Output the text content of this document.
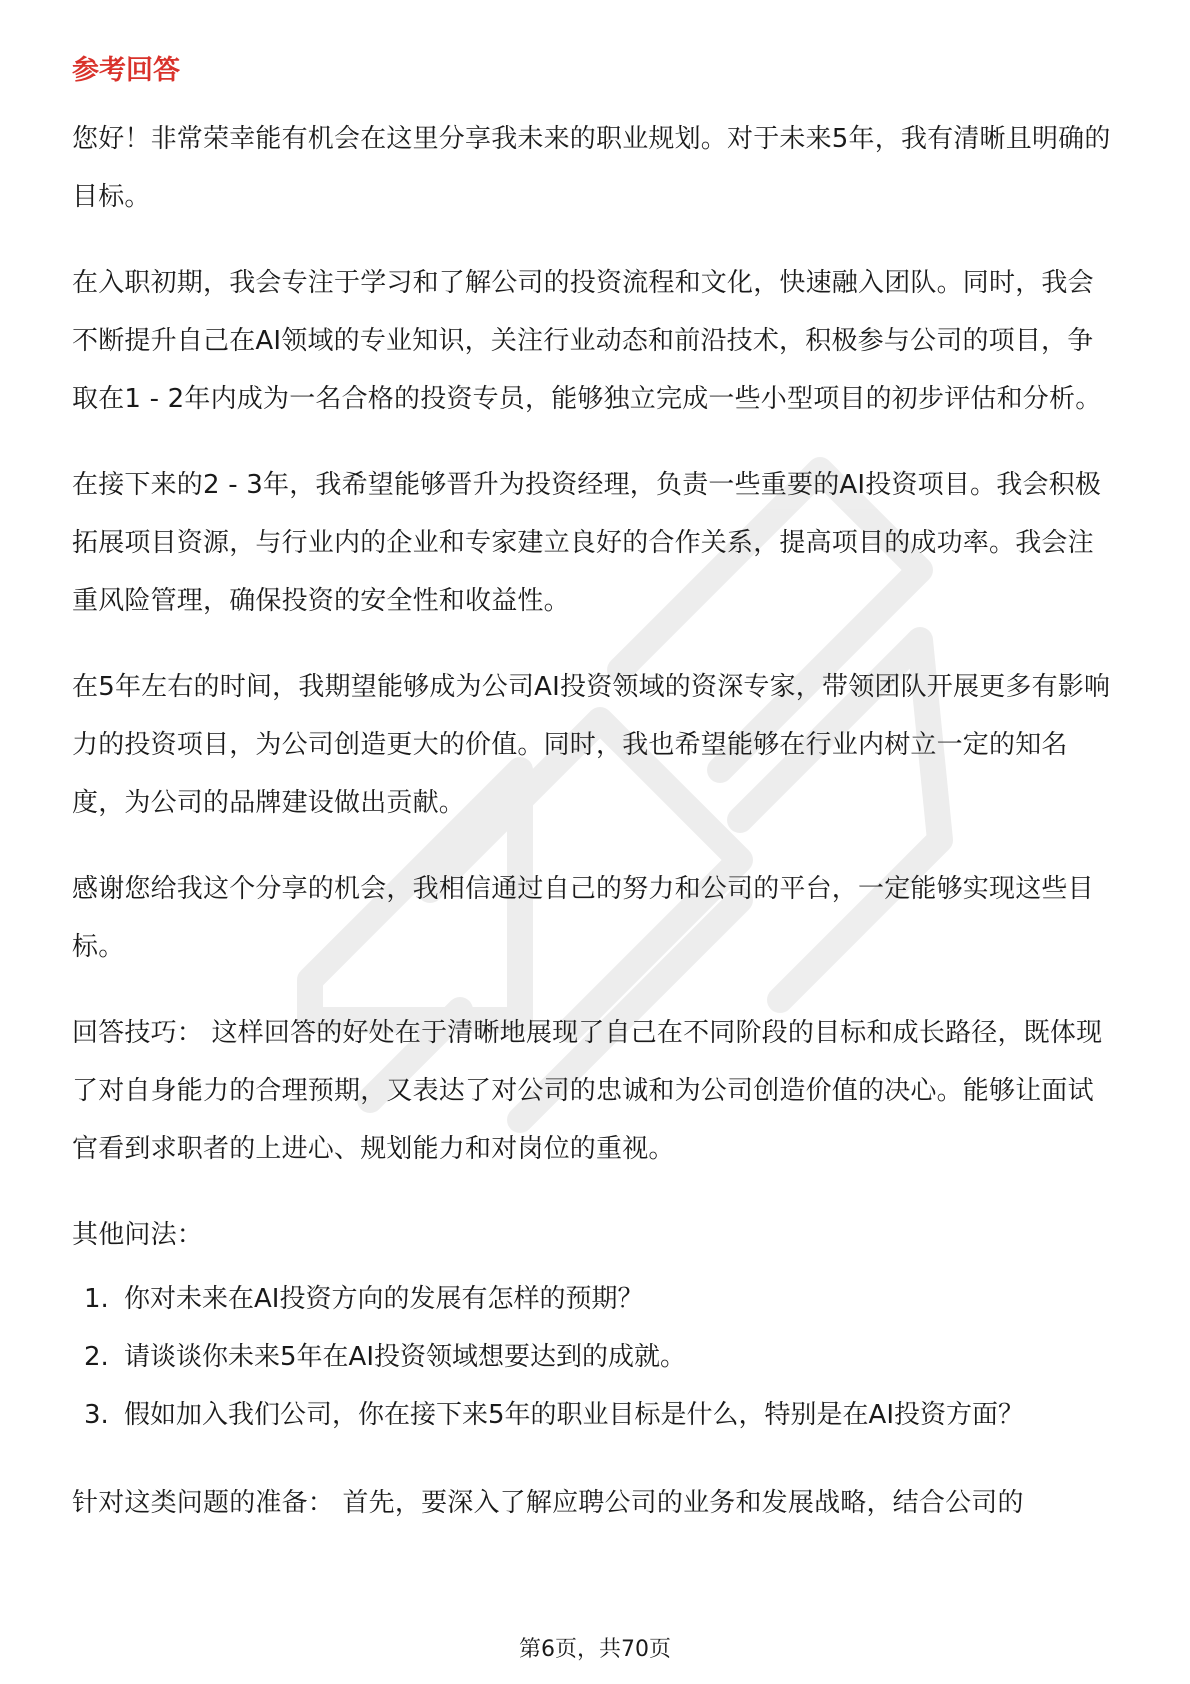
参考回答

您好！非常荣幸能有机会在这里分享我未来的职业规划。对于未来5年，我有清晰且明确的目标。

在入职初期，我会专注于学习和了解公司的投资流程和文化，快速融入团队。同时，我会不断提升自己在AI领域的专业知识，关注行业动态和前沿技术，积极参与公司的项目，争取在1 - 2年内成为一名合格的投资专员，能够独立完成一些小型项目的初步评估和分析。

在接下来的2 - 3年，我希望能够晋升为投资经理，负责一些重要的AI投资项目。我会积极拓展项目资源，与行业内的企业和专家建立良好的合作关系，提高项目的成功率。我会注重风险管理，确保投资的安全性和收益性。

在5年左右的时间，我期望能够成为公司AI投资领域的资深专家，带领团队开展更多有影响力的投资项目，为公司创造更大的价值。同时，我也希望能够在行业内树立一定的知名度，为公司的品牌建设做出贡献。

感谢您给我这个分享的机会，我相信通过自己的努力和公司的平台，一定能够实现这些目标。

回答技巧： 这样回答的好处在于清晰地展现了自己在不同阶段的目标和成长路径，既体现了对自身能力的合理预期，又表达了对公司的忠诚和为公司创造价值的决心。能够让面试官看到求职者的上进心、规划能力和对岗位的重视。

其他问法：

1. 你对未来在AI投资方向的发展有怎样的预期？
2. 请谈谈你未来5年在AI投资领域想要达到的成就。
3. 假如加入我们公司，你在接下来5年的职业目标是什么，特别是在AI投资方面？

针对这类问题的准备： 首先，要深入了解应聘公司的业务和发展战略，结合公司的

第6页，共70页
